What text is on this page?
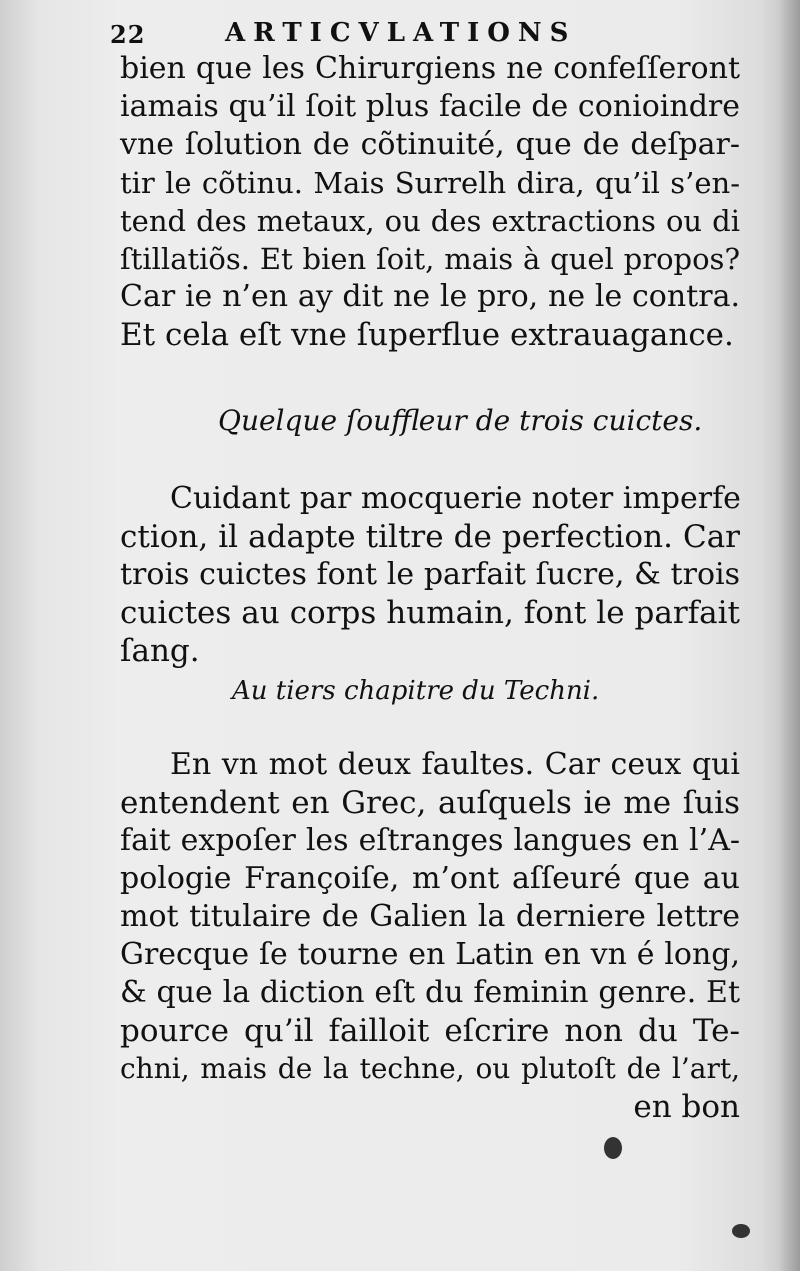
22	ARTICVLATIONS
bien que les Chirurgiens ne confeſſeront
iamais qu’il ſoit plus facile de conioindre
vne ſolution de cõtinuité, que de deſpar-
tir le cõtinu. Mais Surrelh dira, qu’il s’en-
tend des metaux, ou des extractions ou di
ſtillatiõs. Et bien ſoit, mais à quel propos?
Car ie n’en ay dit ne le pro, ne le contra.
Et cela eſt vne ſuperflue extrauagance.
Quelque ſouffleur de trois cuictes.
Cuidant par mocquerie noter imperfe
ction, il adapte tiltre de perfection. Car
trois cuictes font le parfait ſucre, & trois
cuictes au corps humain, font le parfait
ſang.
Au tiers chapitre du Techni.
En vn mot deux faultes. Car ceux qui
entendent en Grec, auſquels ie me ſuis
fait expoſer les eſtranges langues en l’A-
pologie Françoiſe, m’ont aſſeuré que au
mot titulaire de Galien la derniere lettre
Grecque ſe tourne en Latin en vn é long,
& que la diction eſt du feminin genre. Et
pource qu’il failloit eſcrire non du Te-
chni, mais de la techne, ou plutoſt de l’art,
en bon
